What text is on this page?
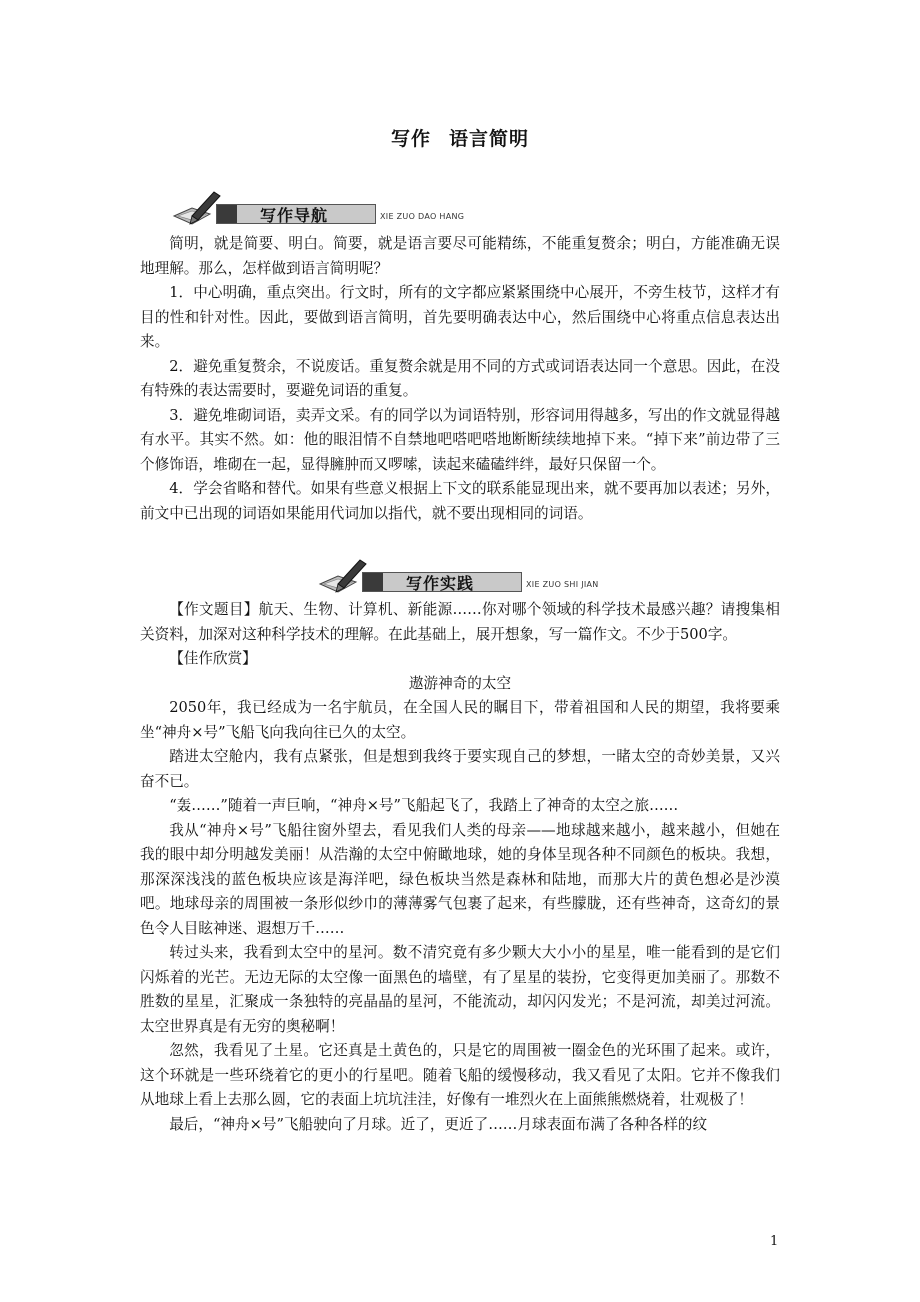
写作 语言简明
写作导航	XIE ZUO DAO HANG

简明，就是简要、明白。简要，就是语言要尽可能精练，不能重复赘余；明白，方能准确无误地理解。那么，怎样做到语言简明呢？

1．中心明确，重点突出。行文时，所有的文字都应紧紧围绕中心展开，不旁生枝节，这样才有目的性和针对性。因此，要做到语言简明，首先要明确表达中心，然后围绕中心将重点信息表达出来。

2．避免重复赘余，不说废话。重复赘余就是用不同的方式或词语表达同一个意思。因此，在没有特殊的表达需要时，要避免词语的重复。

3．避免堆砌词语，卖弄文采。有的同学以为词语特别，形容词用得越多，写出的作文就显得越有水平。其实不然。如：他的眼泪情不自禁地吧嗒吧嗒地断断续续地掉下来。“掉下来”前边带了三个修饰语，堆砌在一起，显得臃肿而又啰嗦，读起来磕磕绊绊，最好只保留一个。

4．学会省略和替代。如果有些意义根据上下文的联系能显现出来，就不要再加以表述；另外，前文中已出现的词语如果能用代词加以指代，就不要出现相同的词语。

写作实践	XIE ZUO SHI JIAN

【作文题目】航天、生物、计算机、新能源……你对哪个领域的科学技术最感兴趣？请搜集相关资料，加深对这种科学技术的理解。在此基础上，展开想象，写一篇作文。不少于500字。

【佳作欣赏】

遨游神奇的太空

2050年，我已经成为一名宇航员，在全国人民的瞩目下，带着祖国和人民的期望，我将要乘坐“神舟×号”飞船飞向我向往已久的太空。

踏进太空舱内，我有点紧张，但是想到我终于要实现自己的梦想，一睹太空的奇妙美景，又兴奋不已。

“轰……”随着一声巨响，“神舟×号”飞船起飞了，我踏上了神奇的太空之旅……

我从“神舟×号”飞船往窗外望去，看见我们人类的母亲——地球越来越小，越来越小，但她在我的眼中却分明越发美丽！从浩瀚的太空中俯瞰地球，她的身体呈现各种不同颜色的板块。我想，那深深浅浅的蓝色板块应该是海洋吧，绿色板块当然是森林和陆地，而那大片的黄色想必是沙漠吧。地球母亲的周围被一条形似纱巾的薄薄雾气包裹了起来，有些朦胧，还有些神奇，这奇幻的景色令人目眩神迷、遐想万千……

转过头来，我看到太空中的星河。数不清究竟有多少颗大大小小的星星，唯一能看到的是它们闪烁着的光芒。无边无际的太空像一面黑色的墙壁，有了星星的装扮，它变得更加美丽了。那数不胜数的星星，汇聚成一条独特的亮晶晶的星河，不能流动，却闪闪发光；不是河流，却美过河流。太空世界真是有无穷的奥秘啊！

忽然，我看见了土星。它还真是土黄色的，只是它的周围被一圈金色的光环围了起来。或许，这个环就是一些环绕着它的更小的行星吧。随着飞船的缓慢移动，我又看见了太阳。它并不像我们从地球上看上去那么圆，它的表面上坑坑洼洼，好像有一堆烈火在上面熊熊燃烧着，壮观极了！

最后，“神舟×号”飞船驶向了月球。近了，更近了……月球表面布满了各种各样的纹

1
